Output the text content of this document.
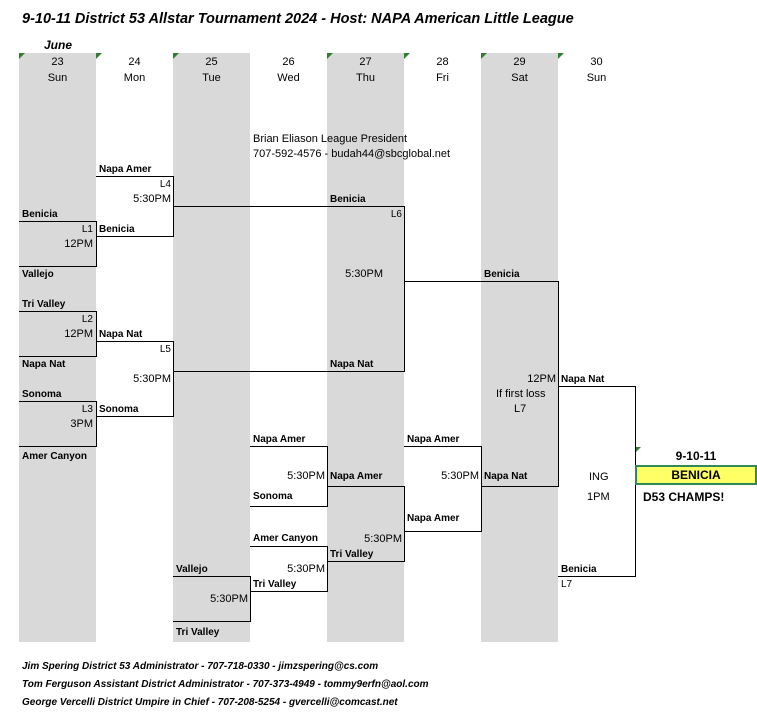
9-10-11 District 53 Allstar Tournament 2024 - Host: NAPA American Little League
June
23
Sun
24
Mon
25
Tue
26
Wed
27
Thu
28
Fri
29
Sat
30
Sun
Brian Eliason League President
707-592-4576 - budah44@sbcglobal.net
Benicia
L1
12PM
Vallejo
Tri Valley
L2
12PM
Napa Nat
Sonoma
L3
3PM
Amer Canyon
Napa Amer
L4
5:30PM
Benicia
Napa Nat
L5
5:30PM
Sonoma
Benicia
L6
5:30PM
Napa Nat
Benicia
12PM
If first loss
L7
Napa Amer
5:30PM
Sonoma
Amer Canyon
5:30PM
Tri Valley
Vallejo
5:30PM
Tri Valley
Napa Amer
5:30PM
Tri Valley
Napa Amer
5:30PM
Napa Amer
Napa Nat
Napa Nat
ING
1PM
Benicia
L7
9-10-11
BENICIA
D53 CHAMPS!
Jim Spering District 53 Administrator - 707-718-0330 - jimzspering@cs.com
Tom Ferguson Assistant District Administrator - 707-373-4949 - tommy9erfn@aol.com
George Vercelli District Umpire in Chief - 707-208-5254 - gvercelli@comcast.net
